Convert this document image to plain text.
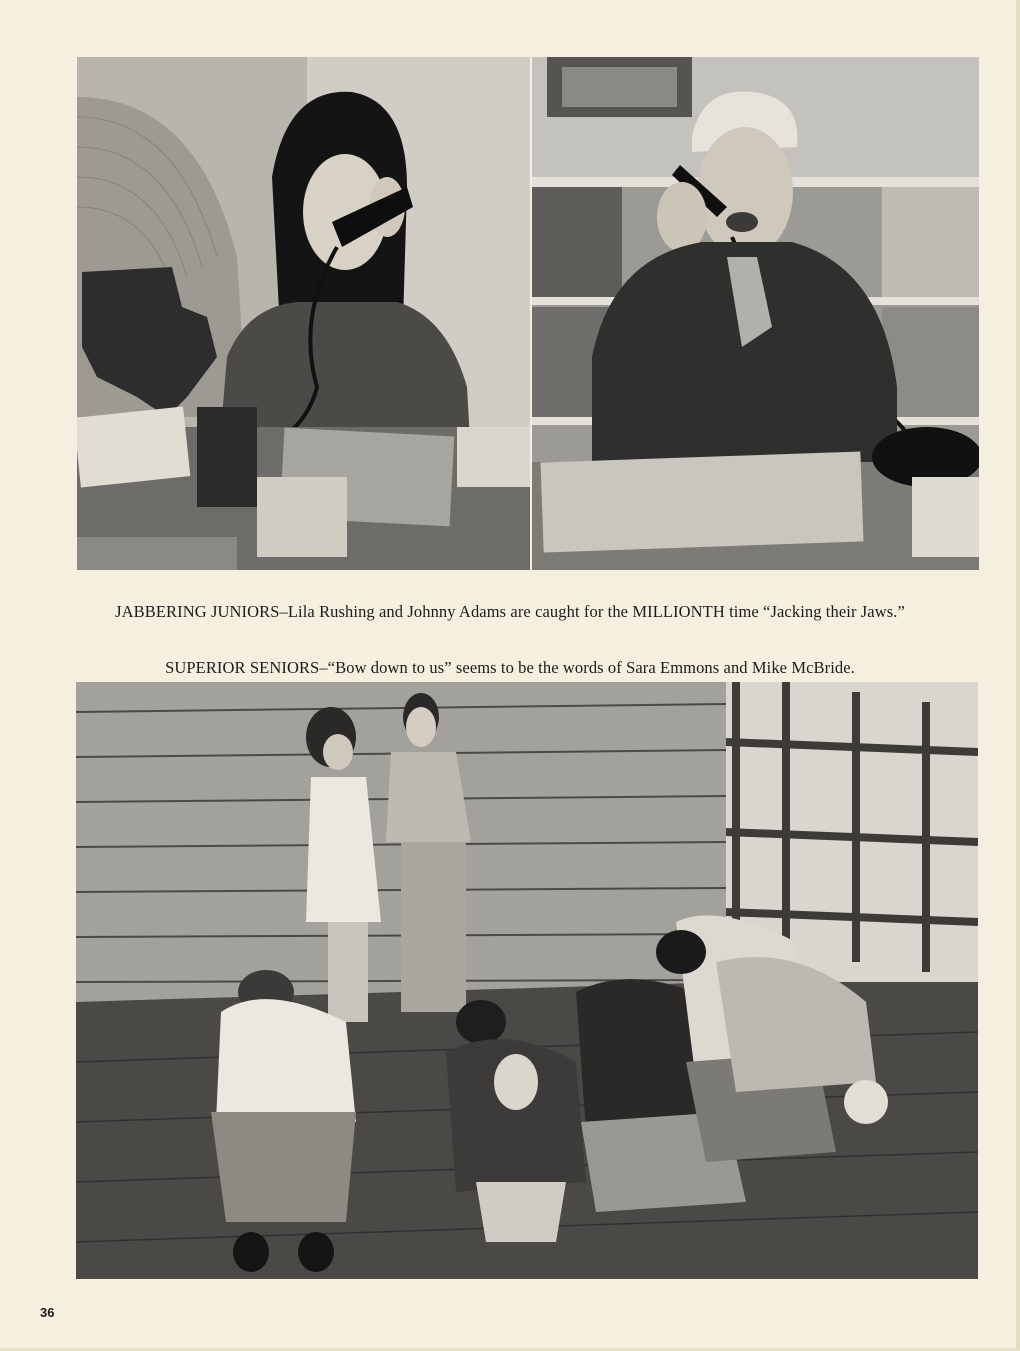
JABBERING JUNIORS–Lila Rushing and Johnny Adams are caught for the MILLIONTH time “Jacking their Jaws.”

SUPERIOR SENIORS–“Bow down to us” seems to be the words of Sara Emmons and Mike McBride.

36
